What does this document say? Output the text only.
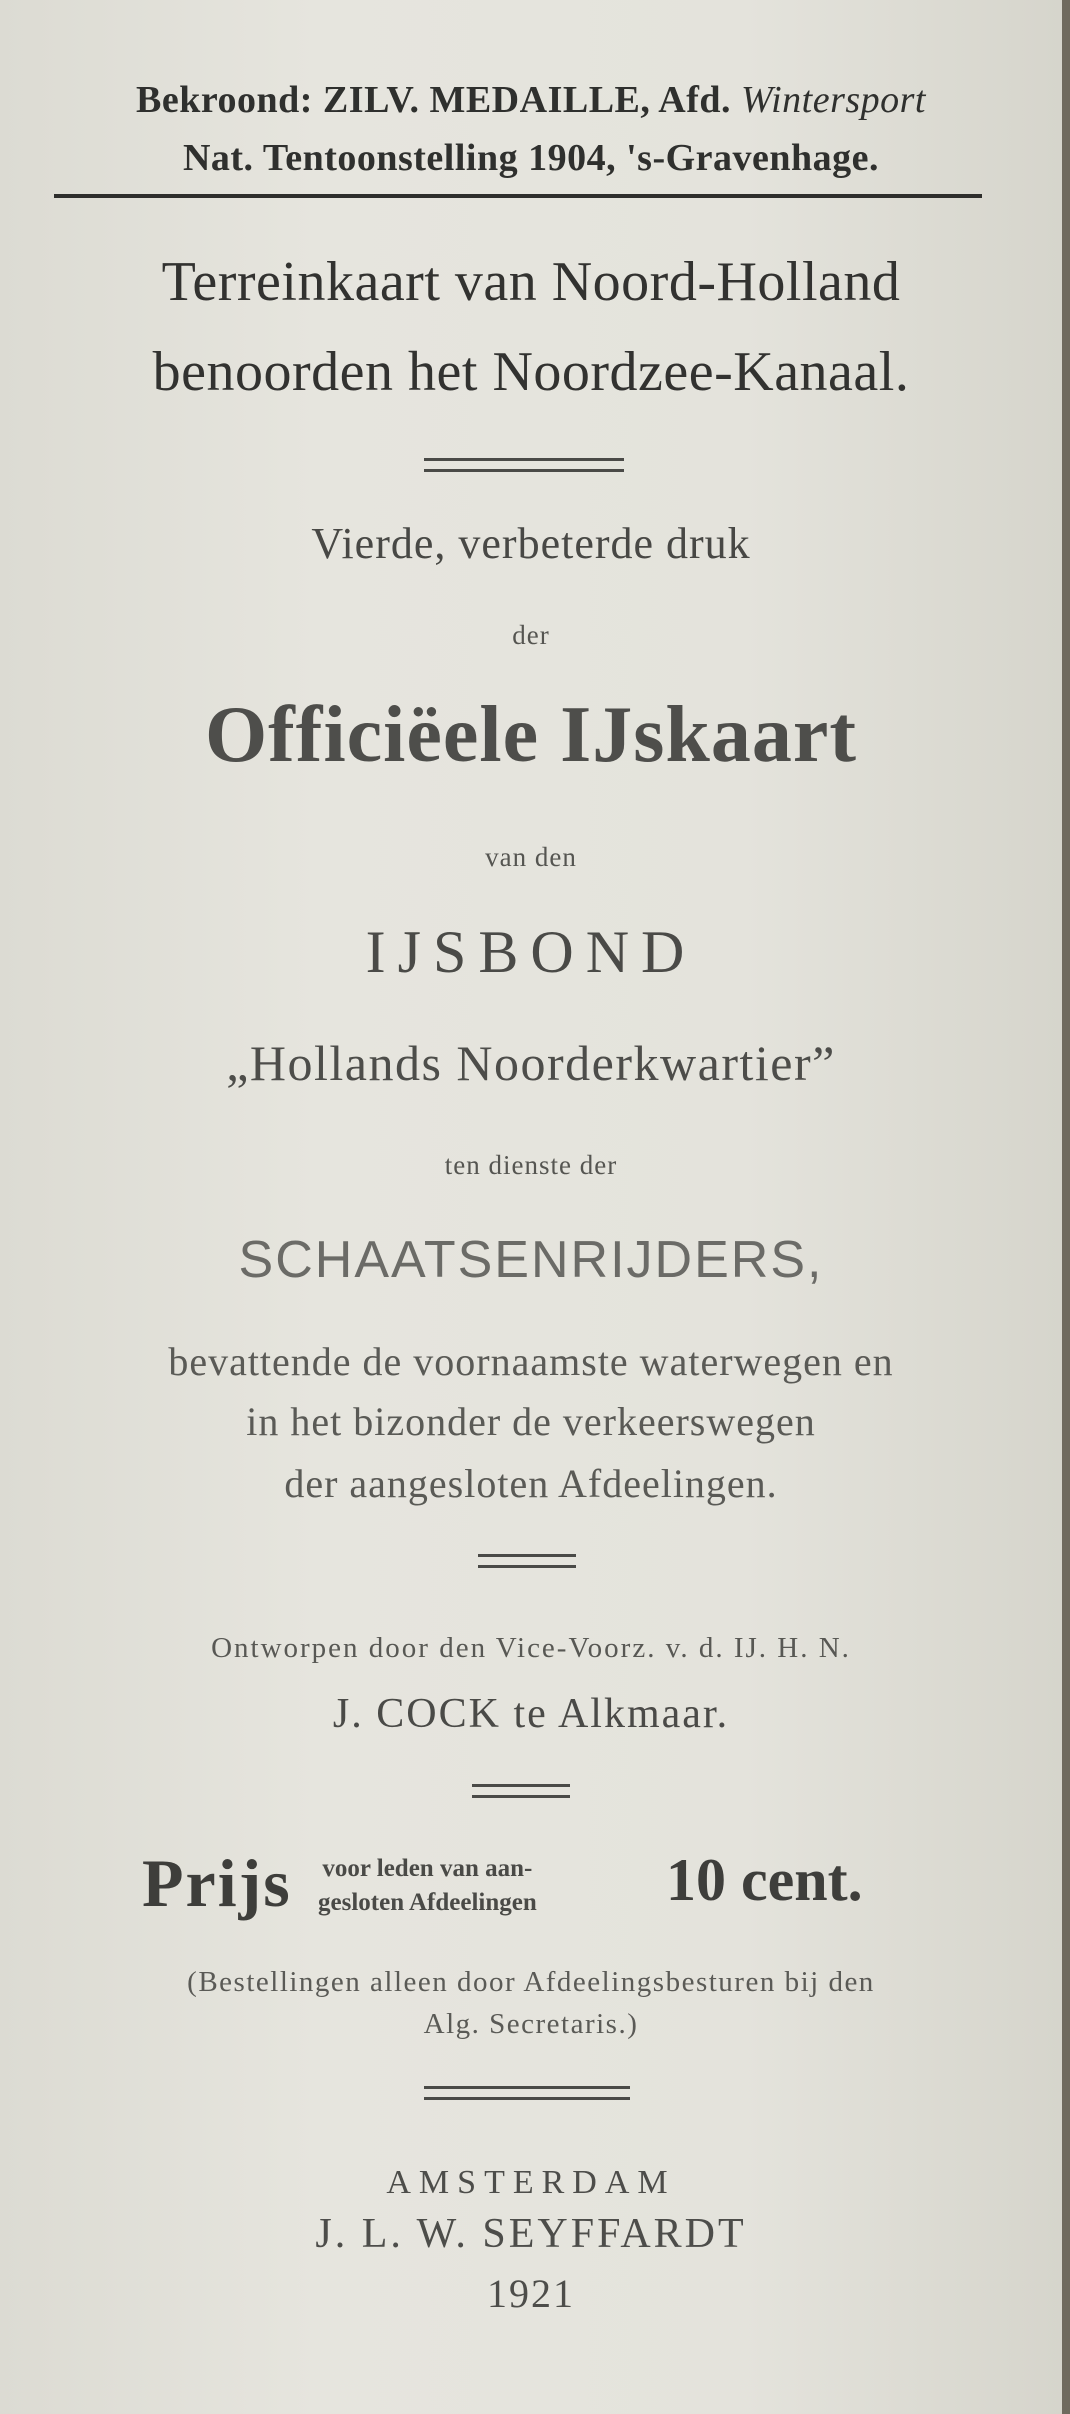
Bekroond: ZILV. MEDAILLE, Afd. Wintersport
Nat. Tentoonstelling 1904, 's-Gravenhage.
Terreinkaart van Noord-Holland
benoorden het Noordzee-Kanaal.
Vierde, verbeterde druk
der
Officiëele IJskaart
van den
IJSBOND
„Hollands Noorderkwartier”
ten dienste der
SCHAATSENRIJDERS,
bevattende de voornaamste waterwegen en
in het bizonder de verkeerswegen
der aangesloten Afdeelingen.
Ontworpen door den Vice-Voorz. v. d. IJ. H. N.
J. COCK te Alkmaar.
Prijs voor leden van aan-
gesloten Afdeelingen 10 cent.
(Bestellingen alleen door Afdeelingsbesturen bij den
Alg. Secretaris.)
AMSTERDAM
J. L. W. SEYFFARDT
1921
